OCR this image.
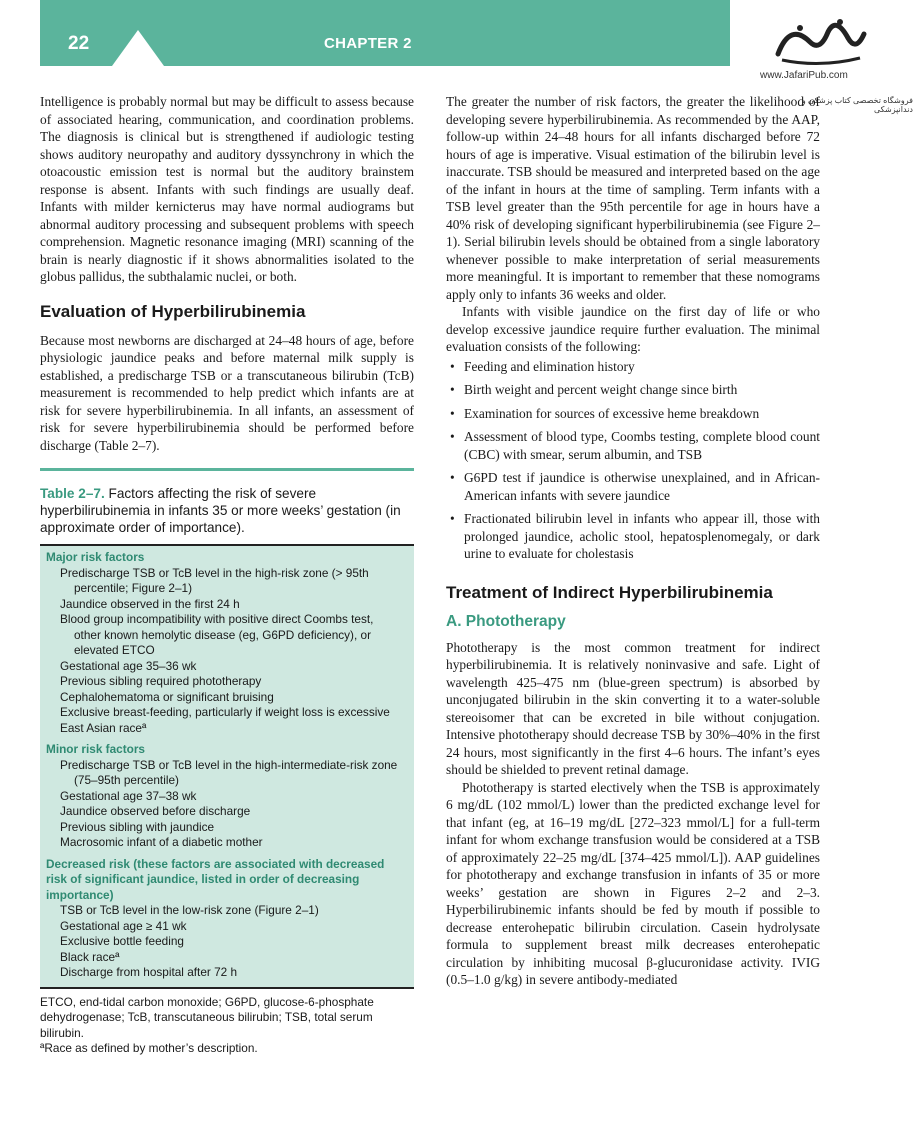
22	CHAPTER 2
www.JafariPub.com
فروشگاه تخصصی کتاب پزشکی و دندانپزشکی

Intelligence is probably normal but may be difficult to assess because of associated hearing, communication, and coordination problems. The diagnosis is clinical but is strengthened if audiologic testing shows auditory neuropathy and auditory dyssynchrony in which the otoacoustic emission test is normal but the auditory brainstem response is absent. Infants with such findings are usually deaf. Infants with milder kernicterus may have normal audiograms but abnormal auditory processing and subsequent problems with speech comprehension. Magnetic resonance imaging (MRI) scanning of the brain is nearly diagnostic if it shows abnormalities isolated to the globus pallidus, the subthalamic nuclei, or both.

Evaluation of Hyperbilirubinemia

Because most newborns are discharged at 24–48 hours of age, before physiologic jaundice peaks and before maternal milk supply is established, a predischarge TSB or a transcutaneous bilirubin (TcB) measurement is recommended to help predict which infants are at risk for severe hyperbilirubinemia. In all infants, an assessment of risk for severe hyperbilirubinemia should be performed before discharge (Table 2–7).

Table 2–7. Factors affecting the risk of severe hyperbilirubinemia in infants 35 or more weeks’ gestation (in approximate order of importance).
Major risk factors
Predischarge TSB or TcB level in the high-risk zone (> 95th
percentile; Figure 2–1)
Jaundice observed in the first 24 h
Blood group incompatibility with positive direct Coombs test,
other known hemolytic disease (eg, G6PD deficiency), or
elevated ETCO
Gestational age 35–36 wk
Previous sibling required phototherapy
Cephalohematoma or significant bruising
Exclusive breast-feeding, particularly if weight loss is excessive
East Asian raceª
Minor risk factors
Predischarge TSB or TcB level in the high-intermediate-risk zone
(75–95th percentile)
Gestational age 37–38 wk
Jaundice observed before discharge
Previous sibling with jaundice
Macrosomic infant of a diabetic mother
Decreased risk (these factors are associated with decreased risk of significant jaundice, listed in order of decreasing importance)
TSB or TcB level in the low-risk zone (Figure 2–1)
Gestational age ≥ 41 wk
Exclusive bottle feeding
Black raceª
Discharge from hospital after 72 h
ETCO, end-tidal carbon monoxide; G6PD, glucose-6-phosphate dehydrogenase; TcB, transcutaneous bilirubin; TSB, total serum bilirubin.
ªRace as defined by mother’s description.

The greater the number of risk factors, the greater the likelihood of developing severe hyperbilirubinemia. As recommended by the AAP, follow-up within 24–48 hours for all infants discharged before 72 hours of age is imperative. Visual estimation of the bilirubin level is inaccurate. TSB should be measured and interpreted based on the age of the infant in hours at the time of sampling. Term infants with a TSB level greater than the 95th percentile for age in hours have a 40% risk of developing significant hyperbilirubinemia (see Figure 2–1). Serial bilirubin levels should be obtained from a single laboratory whenever possible to make interpretation of serial measurements more meaningful. It is important to remember that these nomograms apply only to infants 36 weeks and older.

Infants with visible jaundice on the first day of life or who develop excessive jaundice require further evaluation. The minimal evaluation consists of the following:

• Feeding and elimination history
• Birth weight and percent weight change since birth
• Examination for sources of excessive heme breakdown
• Assessment of blood type, Coombs testing, complete blood count (CBC) with smear, serum albumin, and TSB
• G6PD test if jaundice is otherwise unexplained, and in African-American infants with severe jaundice
• Fractionated bilirubin level in infants who appear ill, those with prolonged jaundice, acholic stool, hepatosplenomegaly, or dark urine to evaluate for cholestasis
Treatment of Indirect Hyperbilirubinemia
A. Phototherapy

Phototherapy is the most common treatment for indirect hyperbilirubinemia. It is relatively noninvasive and safe. Light of wavelength 425–475 nm (blue-green spectrum) is absorbed by unconjugated bilirubin in the skin converting it to a water-soluble stereoisomer that can be excreted in bile without conjugation. Intensive phototherapy should decrease TSB by 30%–40% in the first 24 hours, most significantly in the first 4–6 hours. The infant’s eyes should be shielded to prevent retinal damage.

Phototherapy is started electively when the TSB is approximately 6 mg/dL (102 mmol/L) lower than the predicted exchange level for that infant (eg, at 16–19 mg/dL [272–323 mmol/L] for a full-term infant for whom exchange transfusion would be considered at a TSB of approximately 22–25 mg/dL [374–425 mmol/L]). AAP guidelines for phototherapy and exchange transfusion in infants of 35 or more weeks’ gestation are shown in Figures 2–2 and 2–3. Hyperbilirubinemic infants should be fed by mouth if possible to decrease enterohepatic bilirubin circulation. Casein hydrolysate formula to supplement breast milk decreases enterohepatic circulation by inhibiting mucosal β-glucuronidase activity. IVIG (0.5–1.0 g/kg) in severe antibody-mediated
